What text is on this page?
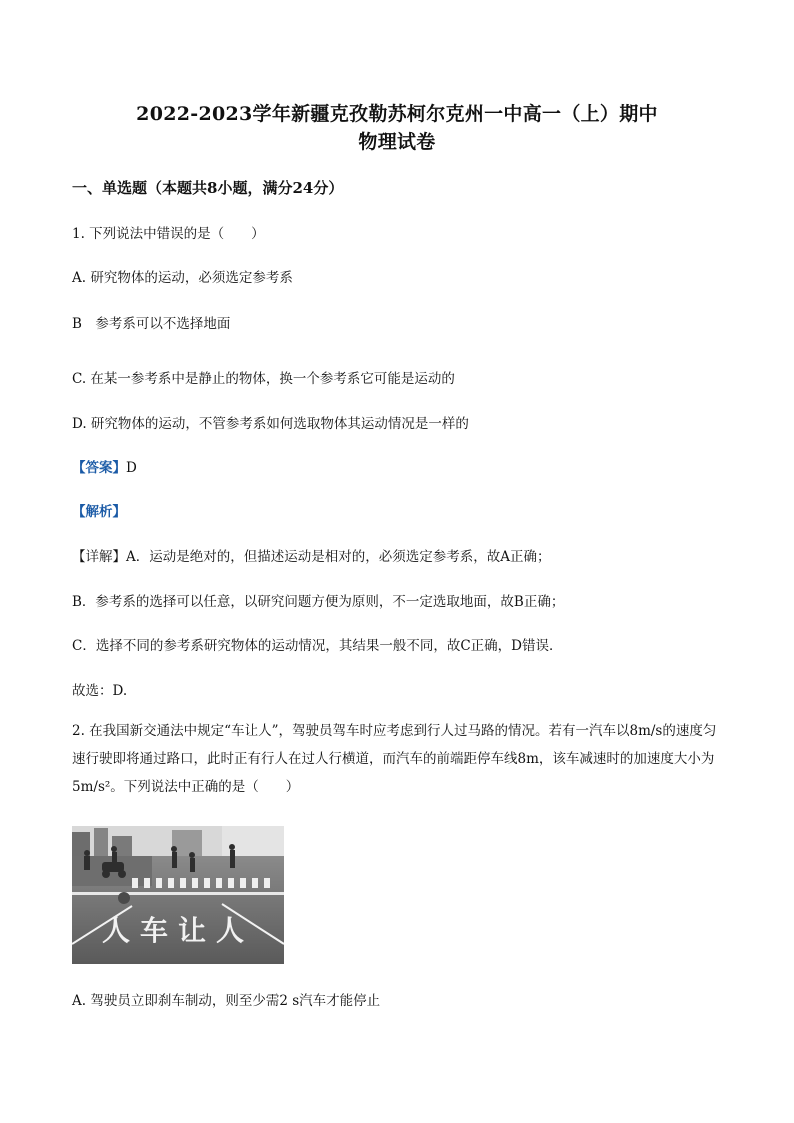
2022-2023学年新疆克孜勒苏柯尔克州一中高一（上）期中
物理试卷
一、单选题（本题共8小题，满分24分）
1. 下列说法中错误的是（　　）
A. 研究物体的运动，必须选定参考系
B　参考系可以不选择地面
C. 在某一参考系中是静止的物体，换一个参考系它可能是运动的
D. 研究物体的运动，不管参考系如何选取物体其运动情况是一样的
【答案】D
【解析】
【详解】A．运动是绝对的，但描述运动是相对的，必须选定参考系，故A正确；
B．参考系的选择可以任意，以研究问题方便为原则，不一定选取地面，故B正确；
C．选择不同的参考系研究物体的运动情况，其结果一般不同，故C正确，D错误．
故选：D.
2. 在我国新交通法中规定“车让人”，驾驶员驾车时应考虑到行人过马路的情况。若有一汽车以8m/s的速度匀速行驶即将通过路口，此时正有行人在过人行横道，而汽车的前端距停车线8m，该车减速时的加速度大小为5m/s²。下列说法中正确的是（　　）
人车让人
A. 驾驶员立即刹车制动，则至少需2 s汽车才能停止
